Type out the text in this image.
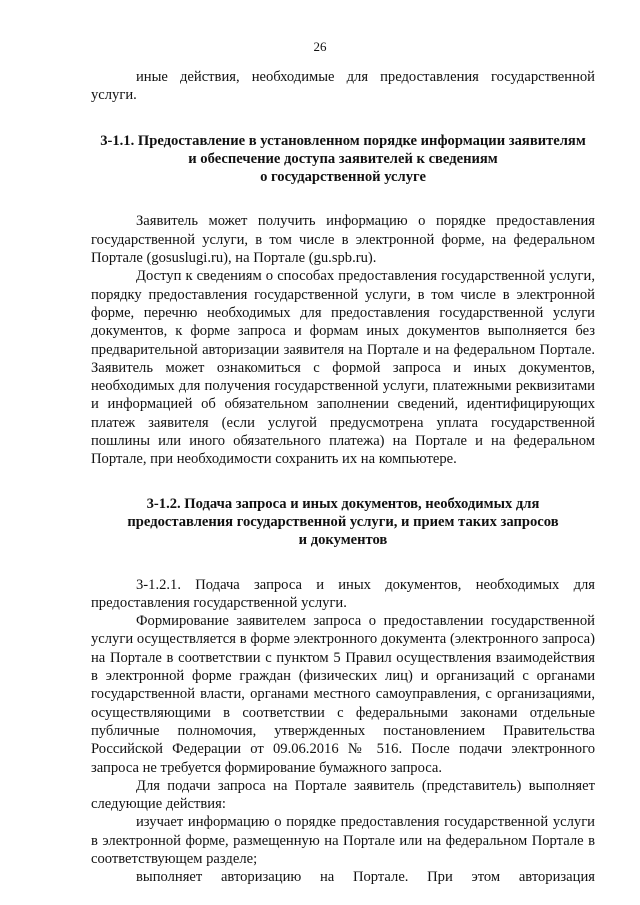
26

иные действия, необходимые для предоставления государственной услуги.

3-1.1. Предоставление в установленном порядке информации заявителям
и обеспечение доступа заявителей к сведениям
о государственной услуге

Заявитель может получить информацию о порядке предоставления государственной услуги, в том числе в электронной форме, на федеральном Портале (gosuslugi.ru), на Портале (gu.spb.ru).

Доступ к сведениям о способах предоставления государственной услуги, порядку предоставления государственной услуги, в том числе в электронной форме, перечню необходимых для предоставления государственной услуги документов, к форме запроса и формам иных документов выполняется без предварительной авторизации заявителя на Портале и на федеральном Портале. Заявитель может ознакомиться с формой запроса и иных документов, необходимых для получения государственной услуги, платежными реквизитами и информацией об обязательном заполнении сведений, идентифицирующих платеж заявителя (если услугой предусмотрена уплата государственной пошлины или иного обязательного платежа) на Портале и на федеральном Портале, при необходимости сохранить их на компьютере.

3-1.2. Подача запроса и иных документов, необходимых для
предоставления государственной услуги, и прием таких запросов
и документов

3-1.2.1. Подача запроса и иных документов, необходимых для предоставления государственной услуги.

Формирование заявителем запроса о предоставлении государственной услуги осуществляется в форме электронного документа (электронного запроса) на Портале в соответствии с пунктом 5 Правил осуществления взаимодействия в электронной форме граждан (физических лиц) и организаций с органами государственной власти, органами местного самоуправления, с организациями, осуществляющими в соответствии с федеральными законами отдельные публичные полномочия, утвержденных постановлением Правительства Российской Федерации от 09.06.2016 № 516. После подачи электронного запроса не требуется формирование бумажного запроса.

Для подачи запроса на Портале заявитель (представитель) выполняет следующие действия:

изучает информацию о порядке предоставления государственной услуги в электронной форме, размещенную на Портале или на федеральном Портале в соответствующем разделе;

выполняет авторизацию на Портале. При этом авторизация
